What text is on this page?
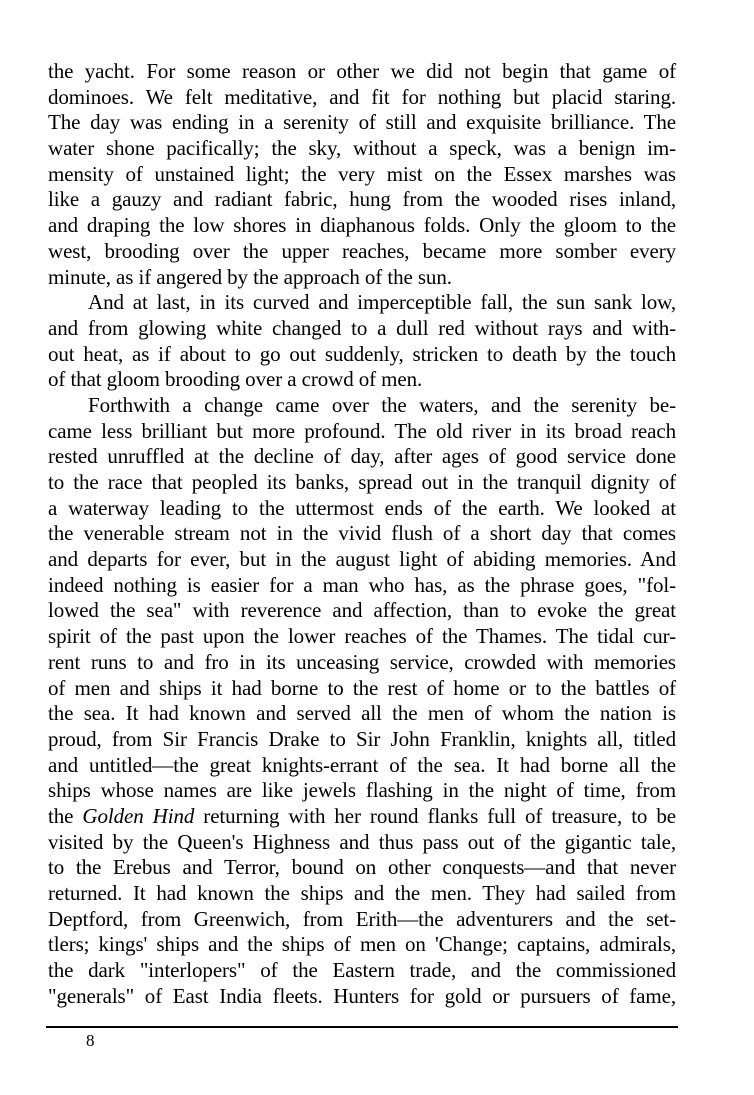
the yacht. For some reason or other we did not begin that game of
dominoes. We felt meditative, and fit for nothing but placid staring.
The day was ending in a serenity of still and exquisite brilliance. The
water shone pacifically; the sky, without a speck, was a benign im-
mensity of unstained light; the very mist on the Essex marshes was
like a gauzy and radiant fabric, hung from the wooded rises inland,
and draping the low shores in diaphanous folds. Only the gloom to the
west, brooding over the upper reaches, became more somber every
minute, as if angered by the approach of the sun.
And at last, in its curved and imperceptible fall, the sun sank low,
and from glowing white changed to a dull red without rays and with-
out heat, as if about to go out suddenly, stricken to death by the touch
of that gloom brooding over a crowd of men.
Forthwith a change came over the waters, and the serenity be-
came less brilliant but more profound. The old river in its broad reach
rested unruffled at the decline of day, after ages of good service done
to the race that peopled its banks, spread out in the tranquil dignity of
a waterway leading to the uttermost ends of the earth. We looked at
the venerable stream not in the vivid flush of a short day that comes
and departs for ever, but in the august light of abiding memories. And
indeed nothing is easier for a man who has, as the phrase goes, "fol-
lowed the sea" with reverence and affection, than to evoke the great
spirit of the past upon the lower reaches of the Thames. The tidal cur-
rent runs to and fro in its unceasing service, crowded with memories
of men and ships it had borne to the rest of home or to the battles of
the sea. It had known and served all the men of whom the nation is
proud, from Sir Francis Drake to Sir John Franklin, knights all, titled
and untitled—the great knights-errant of the sea. It had borne all the
ships whose names are like jewels flashing in the night of time, from
the Golden Hind returning with her round flanks full of treasure, to be
visited by the Queen's Highness and thus pass out of the gigantic tale,
to the Erebus and Terror, bound on other conquests—and that never
returned. It had known the ships and the men. They had sailed from
Deptford, from Greenwich, from Erith—the adventurers and the set-
tlers; kings' ships and the ships of men on 'Change; captains, admirals,
the dark "interlopers" of the Eastern trade, and the commissioned
"generals" of East India fleets. Hunters for gold or pursuers of fame,
8
